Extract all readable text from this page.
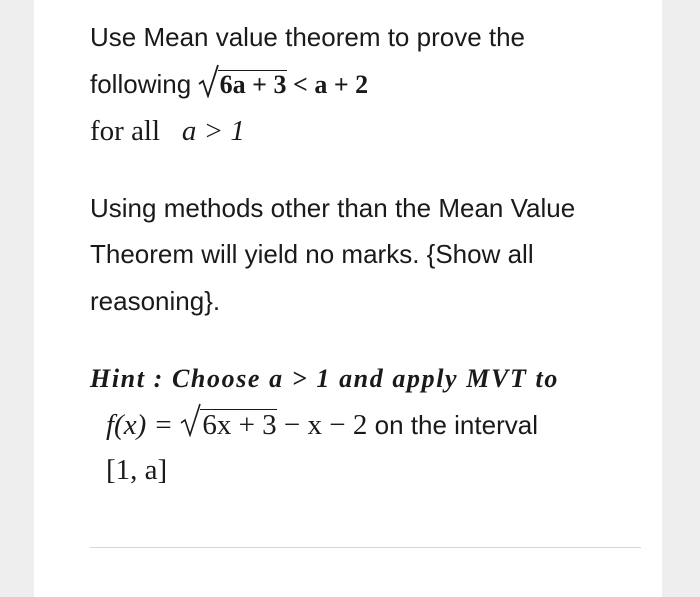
Use Mean value theorem to prove the
following 6a + 3 < a + 2
for all a > 1
Using methods other than the Mean Value
Theorem will yield no marks. {Show all
reasoning}.
Hint : Choose a > 1 and apply MVT to
f(x) = 6x + 3 − x − 2 on the interval
[1, a]
